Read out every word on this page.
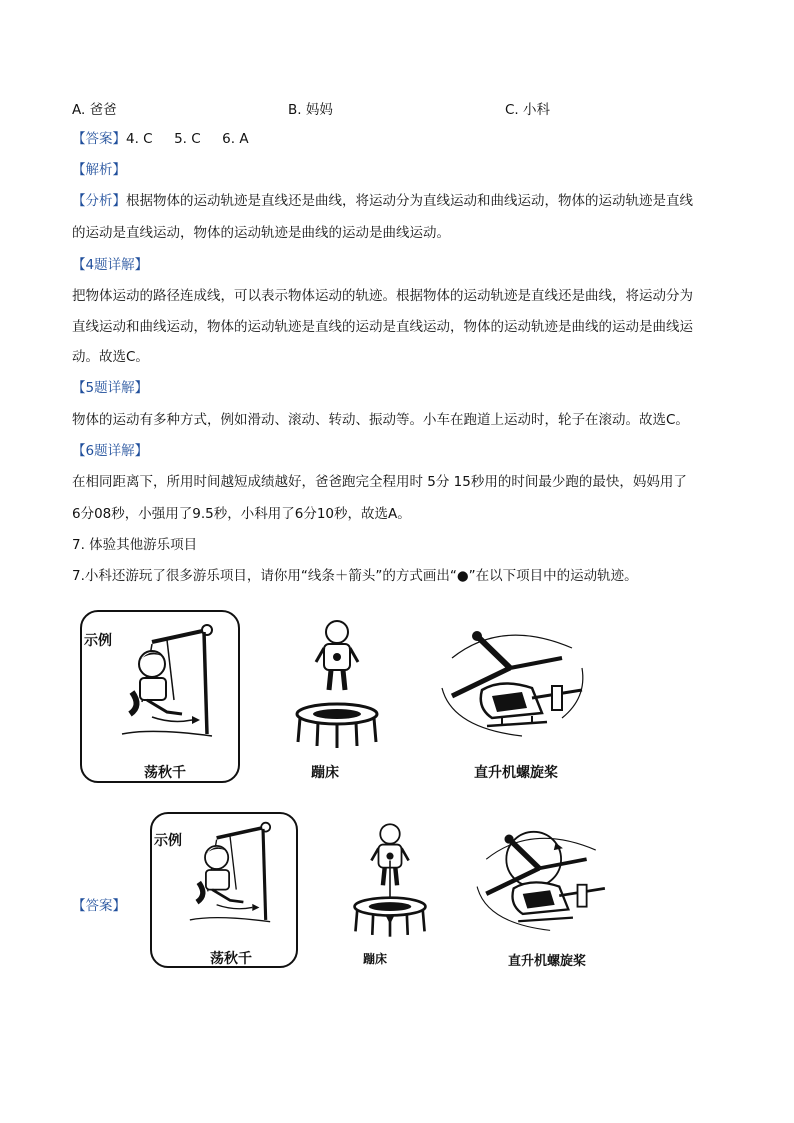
A. 爸爸	B. 妈妈	C. 小科
【答案】4. C 5. C 6. A
【解析】
【分析】根据物体的运动轨迹是直线还是曲线，将运动分为直线运动和曲线运动，物体的运动轨迹是直线
的运动是直线运动，物体的运动轨迹是曲线的运动是曲线运动。
【4题详解】
把物体运动的路径连成线，可以表示物体运动的轨迹。根据物体的运动轨迹是直线还是曲线，将运动分为
直线运动和曲线运动，物体的运动轨迹是直线的运动是直线运动，物体的运动轨迹是曲线的运动是曲线运
动。故选C。
【5题详解】
物体的运动有多种方式，例如滑动、滚动、转动、振动等。小车在跑道上运动时，轮子在滚动。故选C。
【6题详解】
在相同距离下，所用时间越短成绩越好，爸爸跑完全程用时 5分 15秒用的时间最少跑的最快，妈妈用了
6分08秒，小强用了9.5秒，小科用了6分10秒，故选A。
7. 体验其他游乐项目
7.小科还游玩了很多游乐项目，请你用“线条＋箭头”的方式画出“●”在以下项目中的运动轨迹。
示例
荡秋千	蹦床	直升机螺旋桨
【答案】
示例
荡秋千	蹦床	直升机螺旋桨
